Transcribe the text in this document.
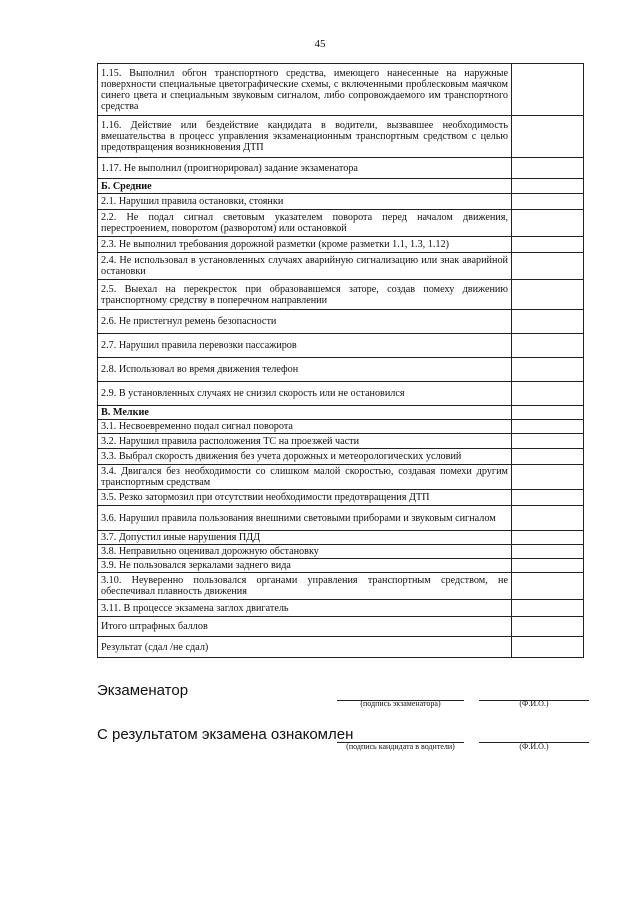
45
1.15. Выполнил обгон транспортного средства, имеющего нанесенные на наружные поверхности специальные цветографические схемы, с включенными проблесковым маячком синего цвета и специальным звуковым сигналом, либо сопровождаемого им транспортного средства	
1.16. Действие или бездействие кандидата в водители, вызвавшее необходимость вмешательства в процесс управления экзаменационным транспортным средством с целью предотвращения возникновения ДТП	
1.17. Не выполнил (проигнорировал) задание экзаменатора	
Б. Средние	
2.1. Нарушил правила остановки, стоянки	
2.2. Не подал сигнал световым указателем поворота перед началом движения, перестроением, поворотом (разворотом) или остановкой	
2.3. Не выполнил требования дорожной разметки (кроме разметки 1.1, 1.3, 1.12)	
2.4. Не использовал в установленных случаях аварийную сигнализацию или знак аварийной остановки	
2.5. Выехал на перекресток при образовавшемся заторе, создав помеху движению транспортному средству в поперечном направлении	
2.6. Не пристегнул ремень безопасности	
2.7. Нарушил правила перевозки пассажиров	
2.8. Использовал во время движения телефон	
2.9. В установленных случаях не снизил скорость или не остановился	
В. Мелкие	
3.1. Несвоевременно подал сигнал поворота	
3.2. Нарушил правила расположения ТС на проезжей части	
3.3. Выбрал скорость движения без учета дорожных и метеорологических условий	
3.4. Двигался без необходимости со слишком малой скоростью, создавая помехи другим транспортным средствам	
3.5. Резко затормозил при отсутствии необходимости предотвращения ДТП	
3.6. Нарушил правила пользования внешними световыми приборами и звуковым сигналом	
3.7. Допустил иные нарушения ПДД	
3.8. Неправильно оценивал дорожную обстановку	
3.9. Не пользовался зеркалами заднего вида	
3.10. Неуверенно пользовался органами управления транспортным средством, не обеспечивал плавность движения	
3.11. В процессе экзамена заглох двигатель	
Итого штрафных баллов	
Результат (сдал /не сдал)	
Экзаменатор
(подпись экзаменатора)	(Ф.И.О.)
С результатом экзамена ознакомлен
(подпись кандидата в водители)	(Ф.И.О.)
